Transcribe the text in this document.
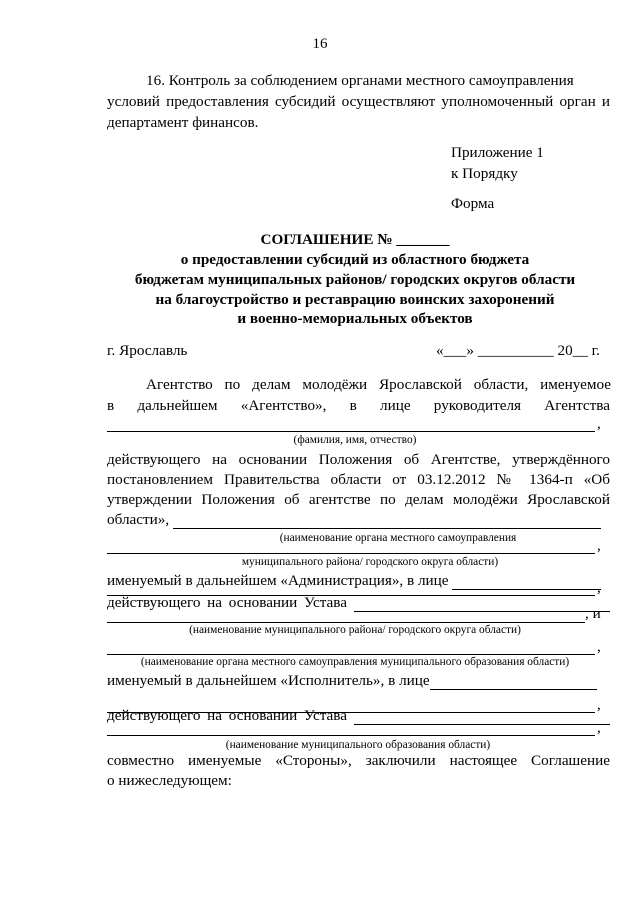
16
16. Контроль за соблюдением органами местного самоуправления
условий предоставления субсидий осуществляют уполномоченный орган и
департамент финансов.
Приложение 1
к Порядку
Форма
СОГЛАШЕНИЕ № _______
о предоставлении субсидий из областного бюджета
бюджетам муниципальных районов/ городских округов области
на благоустройство и реставрацию воинских захоронений
и военно-мемориальных объектов
г. Ярославль	«___» __________ 20__ г.
Агентство по делам молодёжи Ярославской области, именуемое
в дальнейшем «Агентство», в лице руководителя Агентства
,
(фамилия, имя, отчество)
действующего на основании Положения об Агентстве, утверждённого
постановлением Правительства области от 03.12.2012 № 1364-п «Об
утверждении Положения об агентстве по делам молодёжи Ярославской
области»,
(наименование органа местного самоуправления	,
муниципального района/ городского округа области)
именуемый в дальнейшем «Администрация», в лице	,
действующего на основании Устава
, и
(наименование муниципального района/ городского округа области)
,
(наименование органа местного самоуправления муниципального образования области)
именуемый в дальнейшем «Исполнитель», в лице
,
действующего на основании Устава
,
(наименование муниципального образования области)
совместно именуемые «Стороны», заключили настоящее Соглашение
о нижеследующем:
